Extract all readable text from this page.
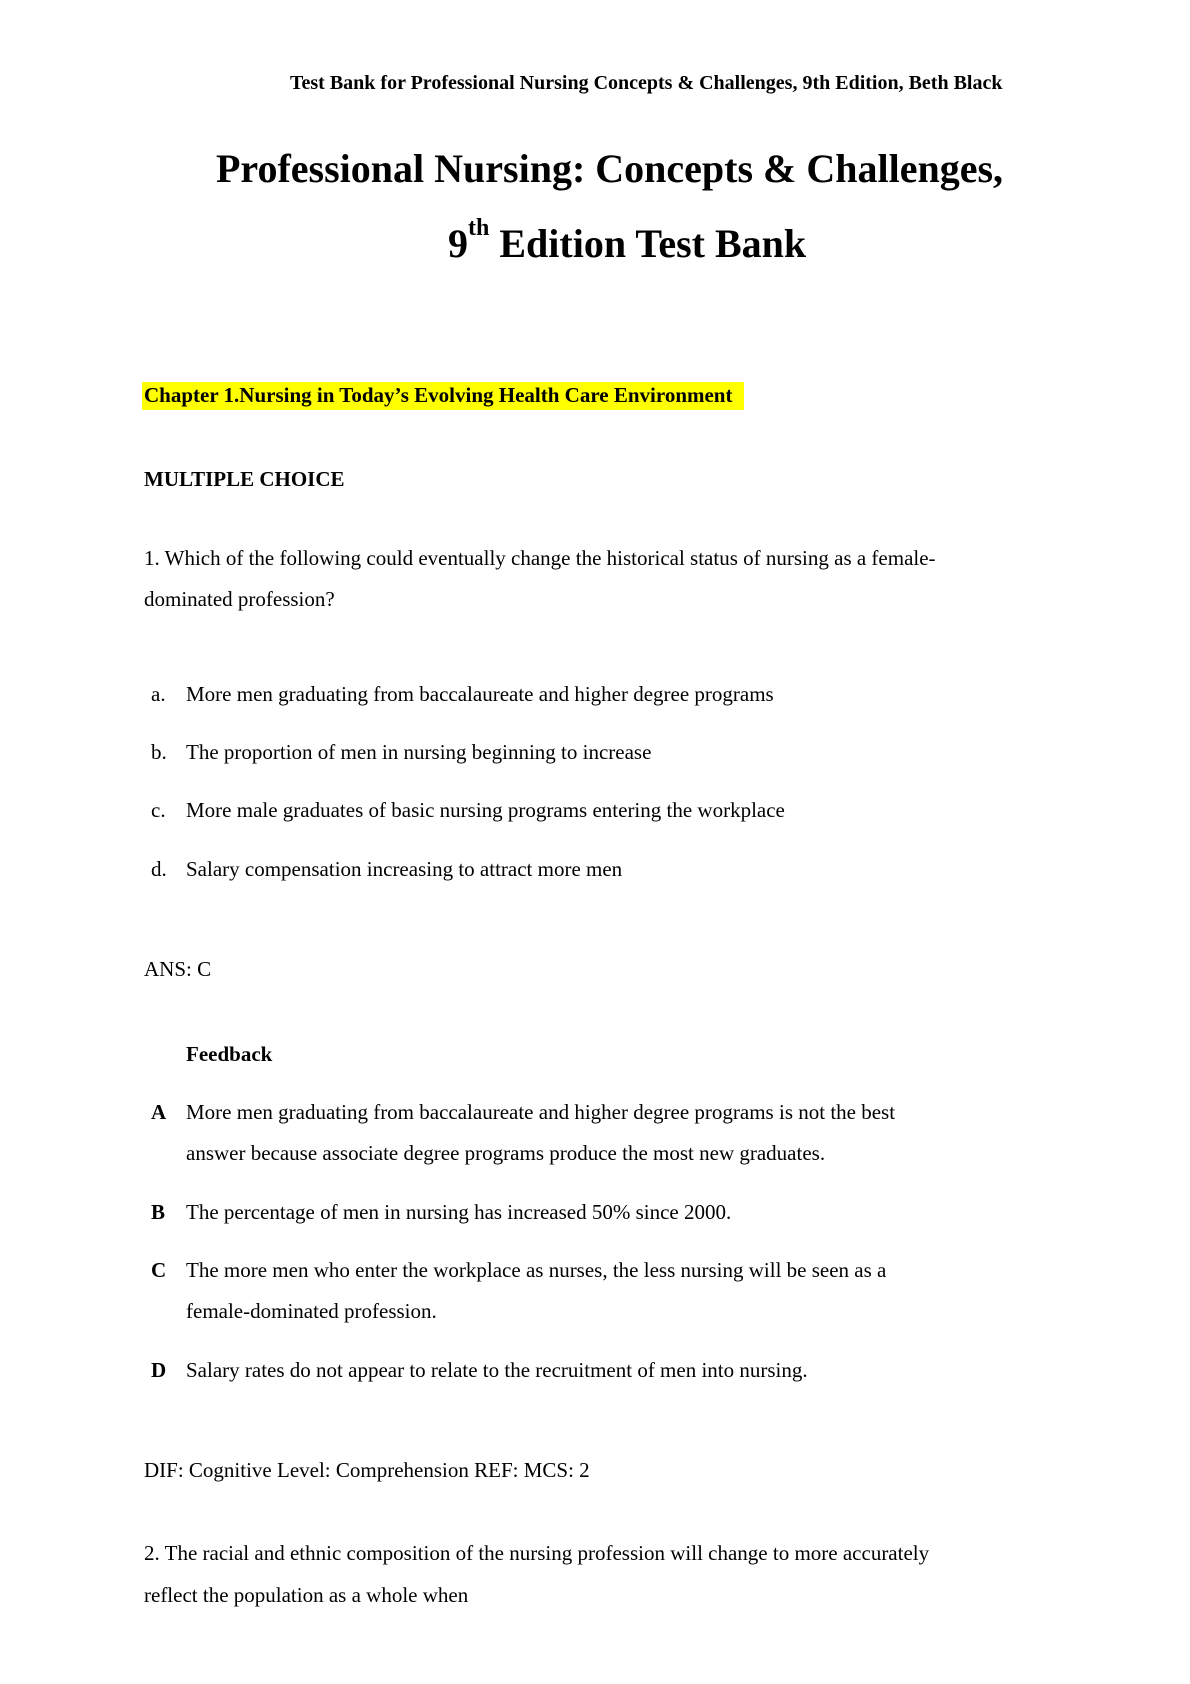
Test Bank for Professional Nursing Concepts & Challenges, 9th Edition, Beth Black
Professional Nursing: Concepts & Challenges,
9th Edition Test Bank
Chapter 1.Nursing in Today’s Evolving Health Care Environment
MULTIPLE CHOICE
1. Which of the following could eventually change the historical status of nursing as a female-
dominated profession?
a. More men graduating from baccalaureate and higher degree programs
b. The proportion of men in nursing beginning to increase
c. More male graduates of basic nursing programs entering the workplace
d. Salary compensation increasing to attract more men
ANS: C
Feedback
A More men graduating from baccalaureate and higher degree programs is not the best
answer because associate degree programs produce the most new graduates.
B The percentage of men in nursing has increased 50% since 2000.
C The more men who enter the workplace as nurses, the less nursing will be seen as a
female-dominated profession.
D Salary rates do not appear to relate to the recruitment of men into nursing.
DIF: Cognitive Level: Comprehension REF: MCS: 2
2. The racial and ethnic composition of the nursing profession will change to more accurately
reflect the population as a whole when
